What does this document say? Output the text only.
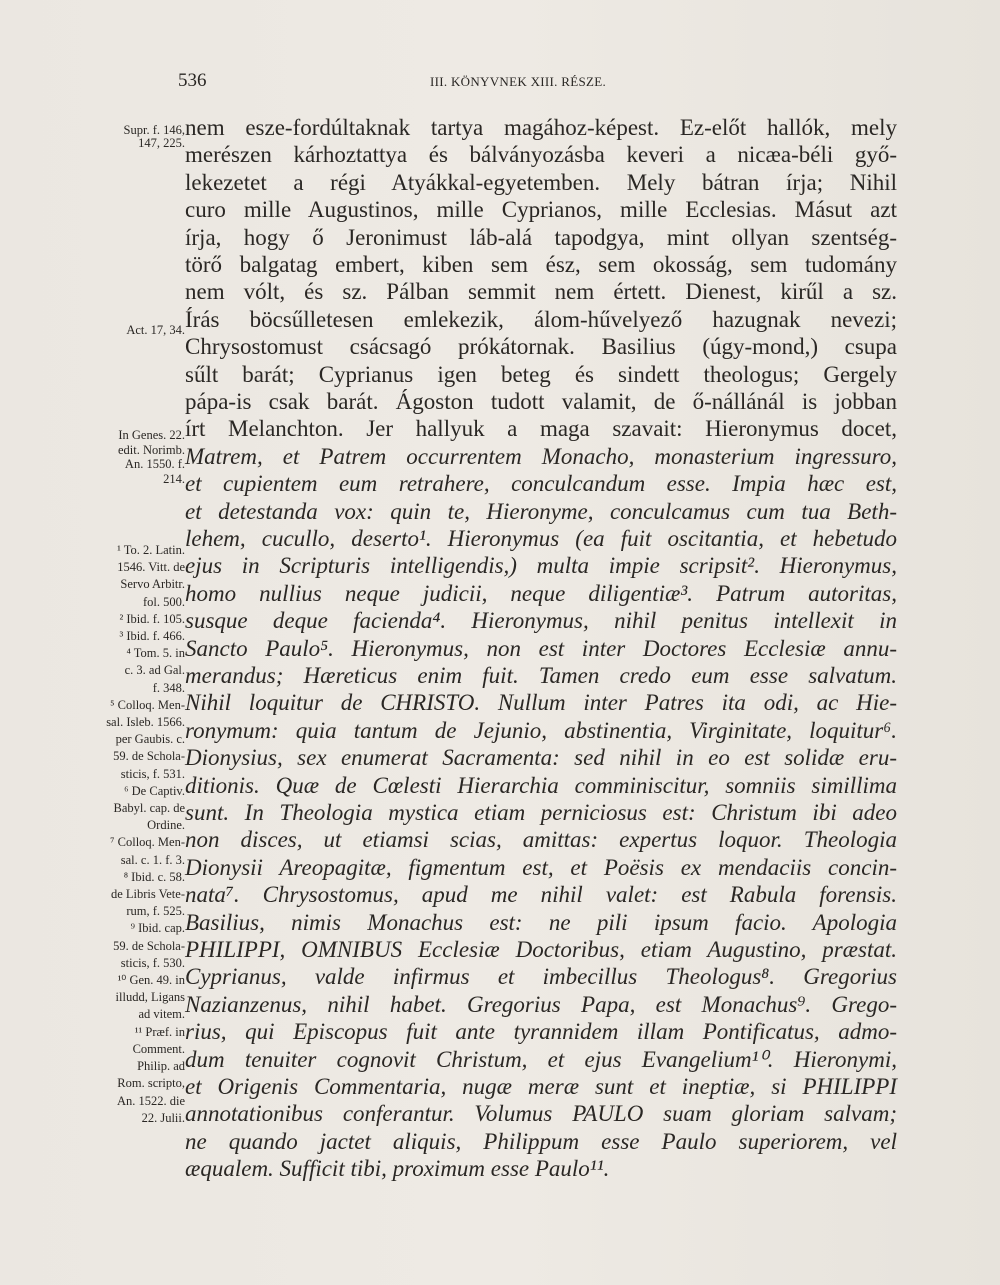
536	III. KÖNYVNEK XIII. RÉSZE.
Supr. f. 146,
147, 225.
Act. 17, 34.
In Genes. 22.
edit. Norimb.
An. 1550. f.
214.
¹ To. 2. Latin.
1546. Vitt. de
Servo Arbitr.
fol. 500.
² Ibid. f. 105.
³ Ibid. f. 466.
⁴ Tom. 5. in
c. 3. ad Gal.
f. 348.
⁵ Colloq. Men-
sal. Isleb. 1566.
per Gaubis. c.
59. de Schola-
sticis, f. 531.
⁶ De Captiv.
Babyl. cap. de
Ordine.
⁷ Colloq. Men-
sal. c. 1. f. 3.
⁸ Ibid. c. 58.
de Libris Vete-
rum, f. 525.
⁹ Ibid. cap.
59. de Schola-
sticis, f. 530.
¹⁰ Gen. 49. in
illudd, Ligans
ad vitem.
¹¹ Præf. in
Comment.
Philip. ad
Rom. scripto,
An. 1522. die
22. Julii.
nem esze-fordúltaknak tartya magához-képest. Ez-előt hallók, mely
merészen kárhoztattya és bálványozásba keveri a nicæa-béli győ-
lekezetet a régi Atyákkal-egyetemben. Mely bátran írja; Nihil
curo mille Augustinos, mille Cyprianos, mille Ecclesias. Másut azt
írja, hogy ő Jeronimust láb-alá tapodgya, mint ollyan szentség-
törő balgatag embert, kiben sem ész, sem okosság, sem tudomány
nem vólt, és sz. Pálban semmit nem értett. Dienest, kirűl a sz.
Írás böcsűlletesen emlekezik, álom-hűvelyező hazugnak nevezi;
Chrysostomust csácsagó prókátornak. Basilius (úgy-mond,) csupa
sűlt barát; Cyprianus igen beteg és sindett theologus; Gergely
pápa-is csak barát. Ágoston tudott valamit, de ő-nállánál is jobban
írt Melanchton. Jer hallyuk a maga szavait: Hieronymus docet,
Matrem, et Patrem occurrentem Monacho, monasterium ingressuro,
et cupientem eum retrahere, conculcandum esse. Impia hæc est,
et detestanda vox: quin te, Hieronyme, conculcamus cum tua Beth-
lehem, cucullo, deserto¹. Hieronymus (ea fuit oscitantia, et hebetudo
ejus in Scripturis intelligendis,) multa impie scripsit². Hieronymus,
homo nullius neque judicii, neque diligentiæ³. Patrum autoritas,
susque deque facienda⁴. Hieronymus, nihil penitus intellexit in
Sancto Paulo⁵. Hieronymus, non est inter Doctores Ecclesiæ annu-
merandus; Hæreticus enim fuit. Tamen credo eum esse salvatum.
Nihil loquitur de CHRISTO. Nullum inter Patres ita odi, ac Hie-
ronymum: quia tantum de Jejunio, abstinentia, Virginitate, loquitur⁶.
Dionysius, sex enumerat Sacramenta: sed nihil in eo est solidæ eru-
ditionis. Quæ de Cœlesti Hierarchia comminiscitur, somniis simillima
sunt. In Theologia mystica etiam perniciosus est: Christum ibi adeo
non disces, ut etiamsi scias, amittas: expertus loquor. Theologia
Dionysii Areopagitæ, figmentum est, et Poësis ex mendaciis concin-
nata⁷. Chrysostomus, apud me nihil valet: est Rabula forensis.
Basilius, nimis Monachus est: ne pili ipsum facio. Apologia
PHILIPPI, OMNIBUS Ecclesiæ Doctoribus, etiam Augustino, præstat.
Cyprianus, valde infirmus et imbecillus Theologus⁸. Gregorius
Nazianzenus, nihil habet. Gregorius Papa, est Monachus⁹. Grego-
rius, qui Episcopus fuit ante tyrannidem illam Pontificatus, admo-
dum tenuiter cognovit Christum, et ejus Evangelium¹⁰. Hieronymi,
et Origenis Commentaria, nugæ meræ sunt et ineptiæ, si PHILIPPI
annotationibus conferantur. Volumus PAULO suam gloriam salvam;
ne quando jactet aliquis, Philippum esse Paulo superiorem, vel
æqualem. Sufficit tibi, proximum esse Paulo¹¹.
